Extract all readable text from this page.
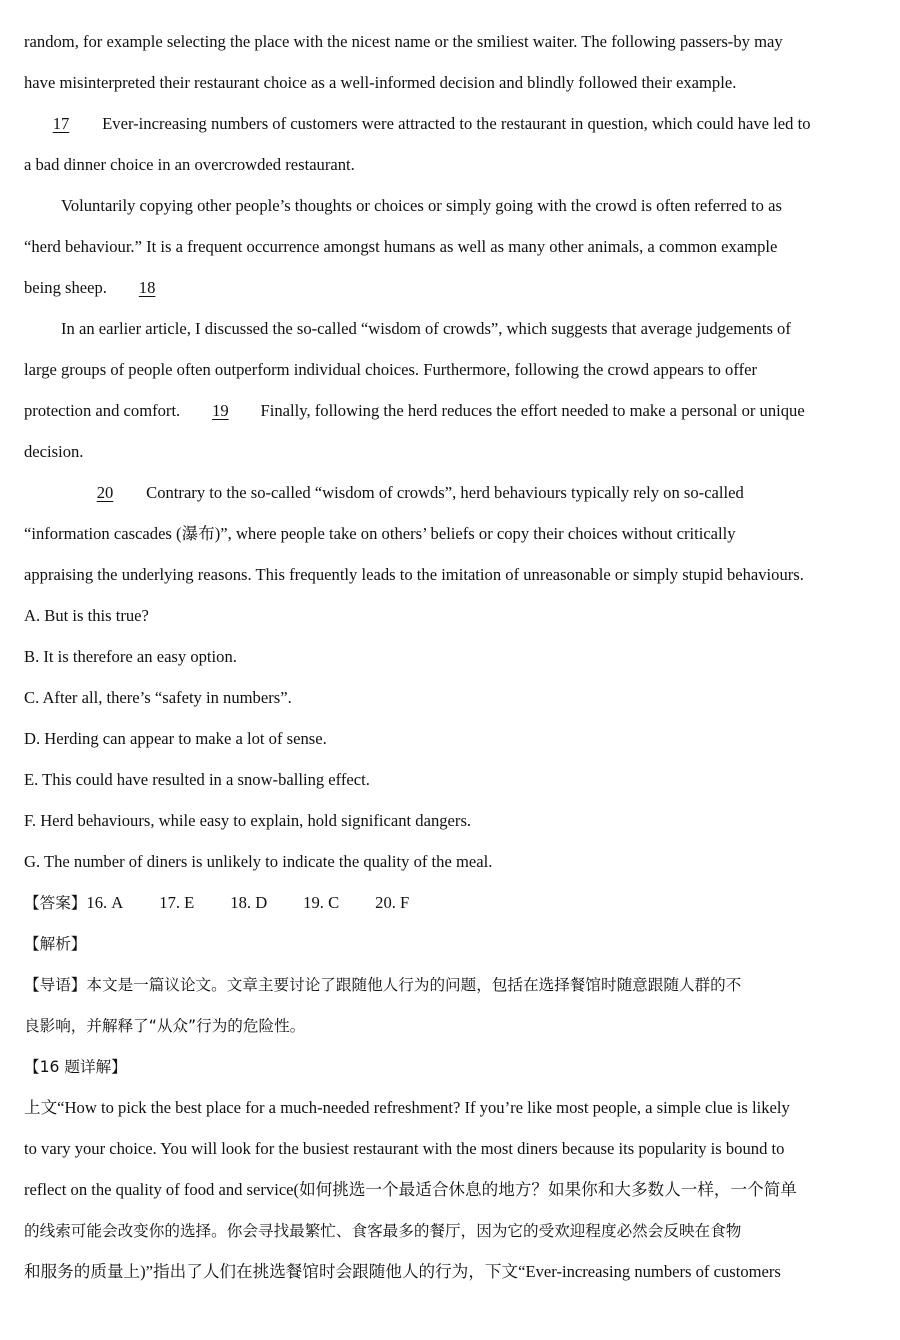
random, for example selecting the place with the nicest name or the smiliest waiter. The following passers-by may
have misinterpreted their restaurant choice as a well-informed decision and blindly followed their example.
17 Ever-increasing numbers of customers were attracted to the restaurant in question, which could have led to
a bad dinner choice in an overcrowded restaurant.
Voluntarily copying other people’s thoughts or choices or simply going with the crowd is often referred to as
“herd behaviour.” It is a frequent occurrence amongst humans as well as many other animals, a common example
being sheep. 18
In an earlier article, I discussed the so-called “wisdom of crowds”, which suggests that average judgements of
large groups of people often outperform individual choices. Furthermore, following the crowd appears to offer
protection and comfort. 19 Finally, following the herd reduces the effort needed to make a personal or unique
decision.
20 Contrary to the so-called “wisdom of crowds”, herd behaviours typically rely on so-called
“information cascades (瀑布)”, where people take on others’ beliefs or copy their choices without critically
appraising the underlying reasons. This frequently leads to the imitation of unreasonable or simply stupid behaviours.
A. But is this true?
B. It is therefore an easy option.
C. After all, there’s “safety in numbers”.
D. Herding can appear to make a lot of sense.
E. This could have resulted in a snow-balling effect.
F. Herd behaviours, while easy to explain, hold significant dangers.
G. The number of diners is unlikely to indicate the quality of the meal.
【答案】16. A 17. E 18. D 19. C 20. F
【解析】
【导语】本文是一篇议论文。文章主要讨论了跟随他人行为的问题，包括在选择餐馆时随意跟随人群的不
良影响，并解释了“从众”行为的危险性。
【16 题详解】
上文“How to pick the best place for a much-needed refreshment? If you’re like most people, a simple clue is likely
to vary your choice. You will look for the busiest restaurant with the most diners because its popularity is bound to
reflect on the quality of food and service(如何挑选一个最适合休息的地方？如果你和大多数人一样，一个简单
的线索可能会改变你的选择。你会寻找最繁忙、食客最多的餐厅，因为它的受欢迎程度必然会反映在食物
和服务的质量上)”指出了人们在挑选餐馆时会跟随他人的行为，下文“Ever-increasing numbers of customers
